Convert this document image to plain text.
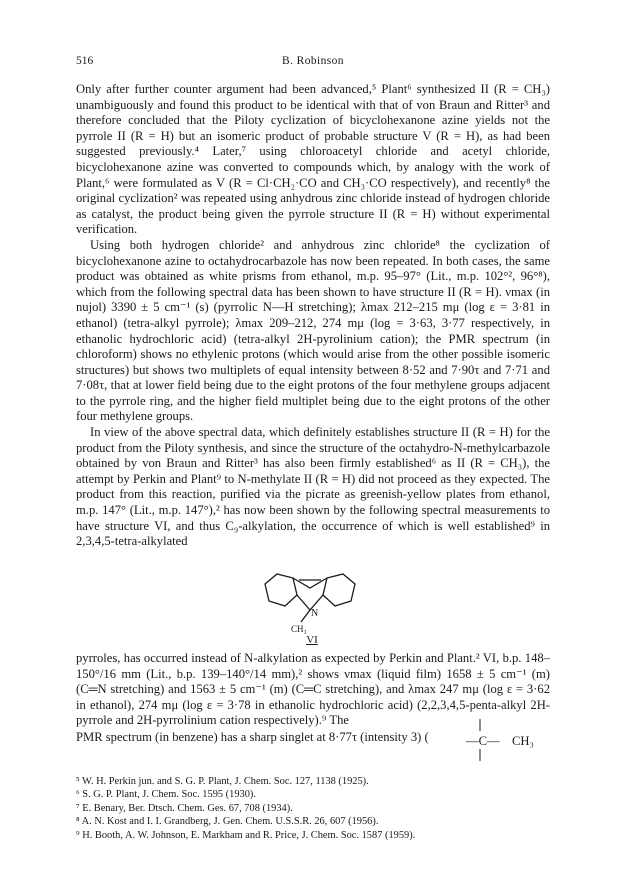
516	B. Robinson

Only after further counter argument had been advanced,⁵ Plant⁶ synthesized II (R = CH₃) unambiguously and found this product to be identical with that of von Braun and Ritter³ and therefore concluded that the Piloty cyclization of bicyclohexanone azine yields not the pyrrole II (R = H) but an isomeric product of probable structure V (R = H), as had been suggested previously.⁴ Later,⁷ using chloroacetyl chloride and acetyl chloride, bicyclohexanone azine was converted to compounds which, by analogy with the work of Plant,⁶ were formulated as V (R = Cl·CH₂·CO and CH₃·CO respectively), and recently⁸ the original cyclization² was repeated using anhydrous zinc chloride instead of hydrogen chloride as catalyst, the product being given the pyrrole structure II (R = H) without experimental verification.

Using both hydrogen chloride² and anhydrous zinc chloride⁸ the cyclization of bicyclohexanone azine to octahydrocarbazole has now been repeated. In both cases, the same product was obtained as white prisms from ethanol, m.p. 95–97° (Lit., m.p. 102°², 96°⁸), which from the following spectral data has been shown to have structure II (R = H). νmax (in nujol) 3390 ± 5 cm⁻¹ (s) (pyrrolic N—H stretching); λmax 212–215 mμ (log ε = 3·81 in ethanol) (tetra-alkyl pyrrole); λmax 209–212, 274 mμ (log = 3·63, 3·77 respectively, in ethanolic hydrochloric acid) (tetra-alkyl 2H-pyrolinium cation); the PMR spectrum (in chloroform) shows no ethylenic protons (which would arise from the other possible isomeric structures) but shows two multiplets of equal intensity between 8·52 and 7·90τ and 7·71 and 7·08τ, that at lower field being due to the eight protons of the four methylene groups adjacent to the pyrrole ring, and the higher field multiplet being due to the eight protons of the other four methylene groups.

In view of the above spectral data, which definitely establishes structure II (R = H) for the product from the Piloty synthesis, and since the structure of the octahydro-N-methylcarbazole obtained by von Braun and Ritter³ has also been firmly established⁶ as II (R = CH₃), the attempt by Perkin and Plant⁹ to N-methylate II (R = H) did not proceed as they expected. The product from this reaction, purified via the picrate as greenish-yellow plates from ethanol, m.p. 147° (Lit., m.p. 147°),² has now been shown by the following spectral measurements to have structure VI, and thus C₉-alkylation, the occurrence of which is well established⁹ in 2,3,4,5-tetra-alkylated

N
CH₃
VI

pyrroles, has occurred instead of N-alkylation as expected by Perkin and Plant.² VI, b.p. 148–150°/16 mm (Lit., b.p. 139–140°/14 mm),² shows νmax (liquid film) 1658 ± 5 cm⁻¹ (m) (C═N stretching) and 1563 ± 5 cm⁻¹ (m) (C═C stretching), and λmax 247 mμ (log ε = 3·62 in ethanol), 274 mμ (log ε = 3·78 in ethanolic hydrochloric acid) (2,2,3,4,5-penta-alkyl 2H-pyrrole and 2H-pyrrolinium cation respectively).⁹ The

PMR spectrum (in benzene) has a sharp singlet at 8·77τ (intensity 3) (	—C— CH₃
⁵ W. H. Perkin jun. and S. G. P. Plant, J. Chem. Soc. 127, 1138 (1925).
⁶ S. G. P. Plant, J. Chem. Soc. 1595 (1930).
⁷ E. Benary, Ber. Dtsch. Chem. Ges. 67, 708 (1934).
⁸ A. N. Kost and I. I. Grandberg, J. Gen. Chem. U.S.S.R. 26, 607 (1956).
⁹ H. Booth, A. W. Johnson, E. Markham and R. Price, J. Chem. Soc. 1587 (1959).
